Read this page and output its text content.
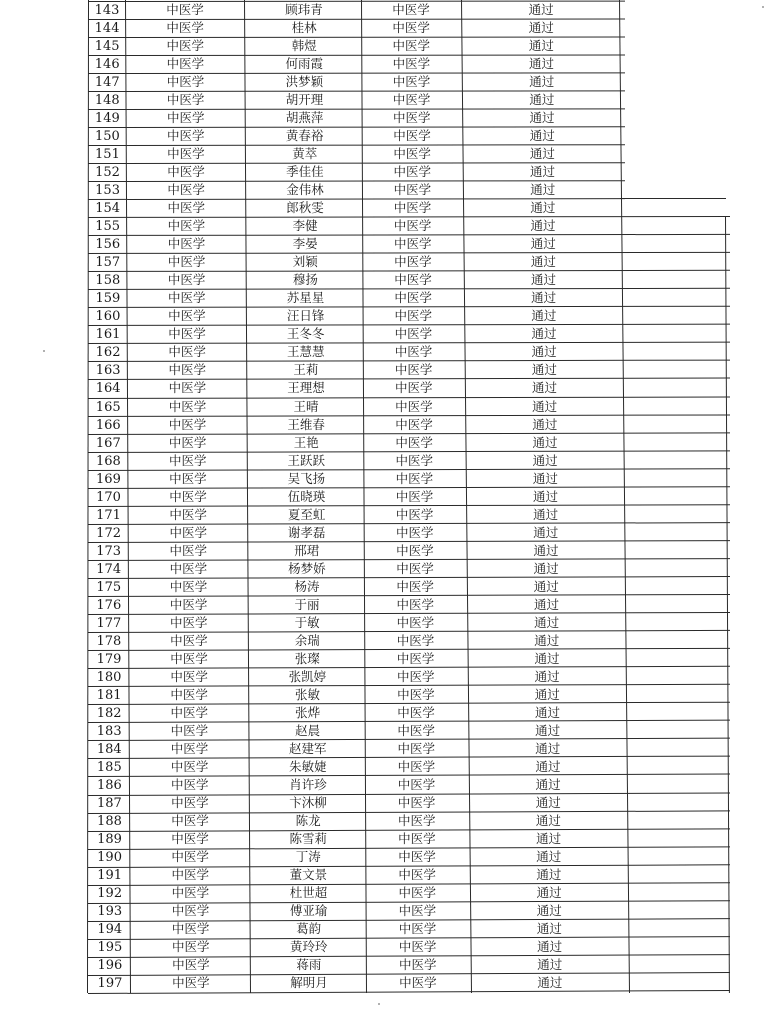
143	中医学	顾玮青	中医学	通过
144	中医学	桂林	中医学	通过
145	中医学	韩煜	中医学	通过
146	中医学	何雨霞	中医学	通过
147	中医学	洪梦颖	中医学	通过
148	中医学	胡开理	中医学	通过
149	中医学	胡燕萍	中医学	通过
150	中医学	黄春裕	中医学	通过
151	中医学	黄萃	中医学	通过
152	中医学	季佳佳	中医学	通过
153	中医学	金伟林	中医学	通过
154	中医学	郎秋雯	中医学	通过
155	中医学	李健	中医学	通过
156	中医学	李晏	中医学	通过
157	中医学	刘颖	中医学	通过
158	中医学	穆扬	中医学	通过
159	中医学	苏星星	中医学	通过
160	中医学	汪日锋	中医学	通过
161	中医学	王冬冬	中医学	通过
162	中医学	王慧慧	中医学	通过
163	中医学	王莉	中医学	通过
164	中医学	王理想	中医学	通过
165	中医学	王晴	中医学	通过
166	中医学	王维春	中医学	通过
167	中医学	王艳	中医学	通过
168	中医学	王跃跃	中医学	通过
169	中医学	吴飞扬	中医学	通过
170	中医学	伍晓瑛	中医学	通过
171	中医学	夏至虹	中医学	通过
172	中医学	谢孝磊	中医学	通过
173	中医学	邢珺	中医学	通过
174	中医学	杨梦娇	中医学	通过
175	中医学	杨涛	中医学	通过
176	中医学	于丽	中医学	通过
177	中医学	于敏	中医学	通过
178	中医学	余瑞	中医学	通过
179	中医学	张璨	中医学	通过
180	中医学	张凯婷	中医学	通过
181	中医学	张敏	中医学	通过
182	中医学	张烨	中医学	通过
183	中医学	赵晨	中医学	通过
184	中医学	赵建军	中医学	通过
185	中医学	朱敏婕	中医学	通过
186	中医学	肖许珍	中医学	通过
187	中医学	卞沐柳	中医学	通过
188	中医学	陈龙	中医学	通过
189	中医学	陈雪莉	中医学	通过
190	中医学	丁涛	中医学	通过
191	中医学	董文景	中医学	通过
192	中医学	杜世超	中医学	通过
193	中医学	傅亚瑜	中医学	通过
194	中医学	葛韵	中医学	通过
195	中医学	黄玲玲	中医学	通过
196	中医学	蒋雨	中医学	通过
197	中医学	解明月	中医学	通过
